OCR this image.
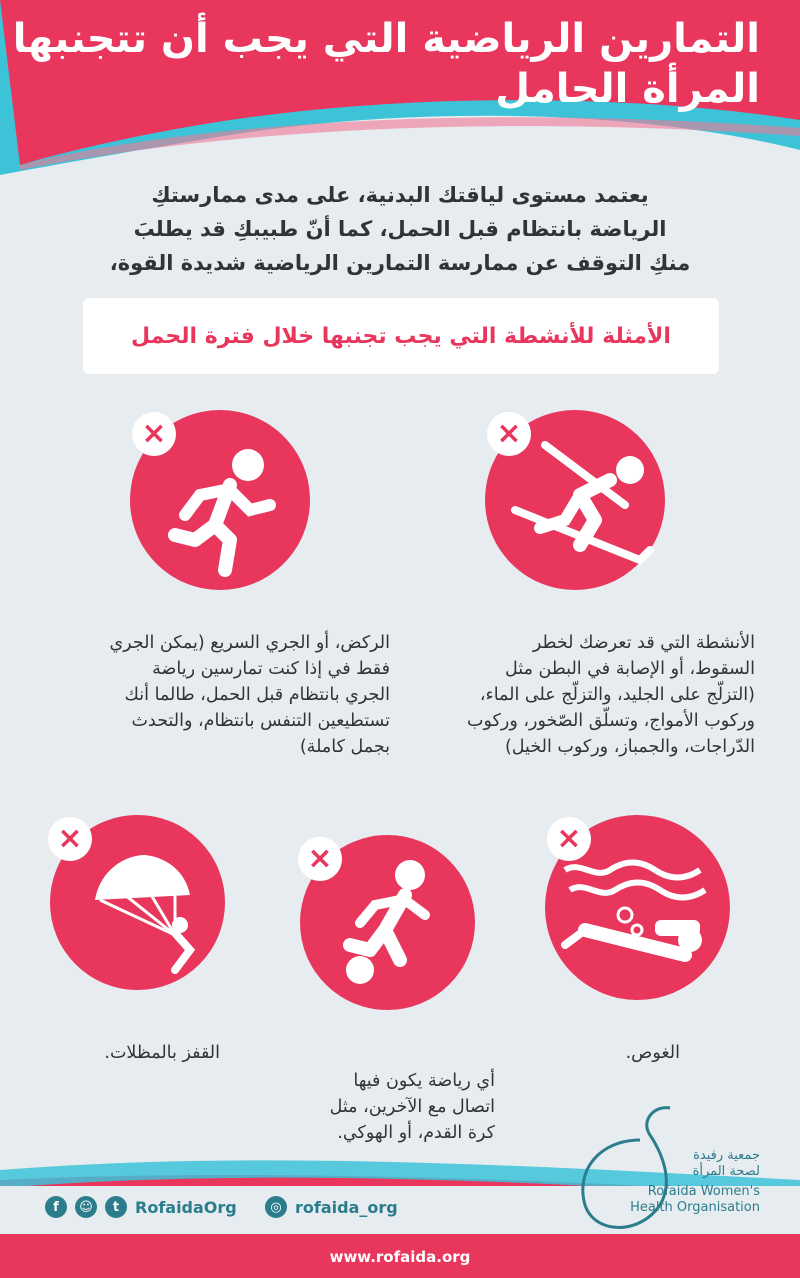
التمارين الرياضية التي يجب أن تتجنبها
المرأة الحامل
يعتمد مستوى لياقتك البدنية، على مدى ممارستكِ
الرياضة بانتظام قبل الحمل، كما أنّ طبيبكِ قد يطلبَ
منكِ التوقف عن ممارسة التمارين الرياضية شديدة القوة،
الأمثلة للأنشطة التي يجب تجنبها خلال فترة الحمل
×	×
الركض، أو الجري السريع (يمكن الجري
فقط في إذا كنت تمارسين رياضة
الجري بانتظام قبل الحمل، طالما أنك
تستطيعين التنفس بانتظام، والتحدث
بجمل كاملة)
الأنشطة التي قد تعرضك لخطر
السقوط، أو الإصابة في البطن مثل
(التزلّج على الجليد، والتزلّج على الماء،
وركوب الأمواج، وتسلّق الصّخور، وركوب
الدّراجات، والجمباز، وركوب الخيل)
×
×
×
القفز بالمظلات.
أي رياضة يكون فيها
اتصال مع الآخرين، مثل
كرة القدم، أو الهوكي.
الغوص.
جمعية رفيدة
لصحة المرأة
Rofaida Women's
Health Organisation
f	☺	t RofaidaOrg	◎ rofaida_org
www.rofaida.org
